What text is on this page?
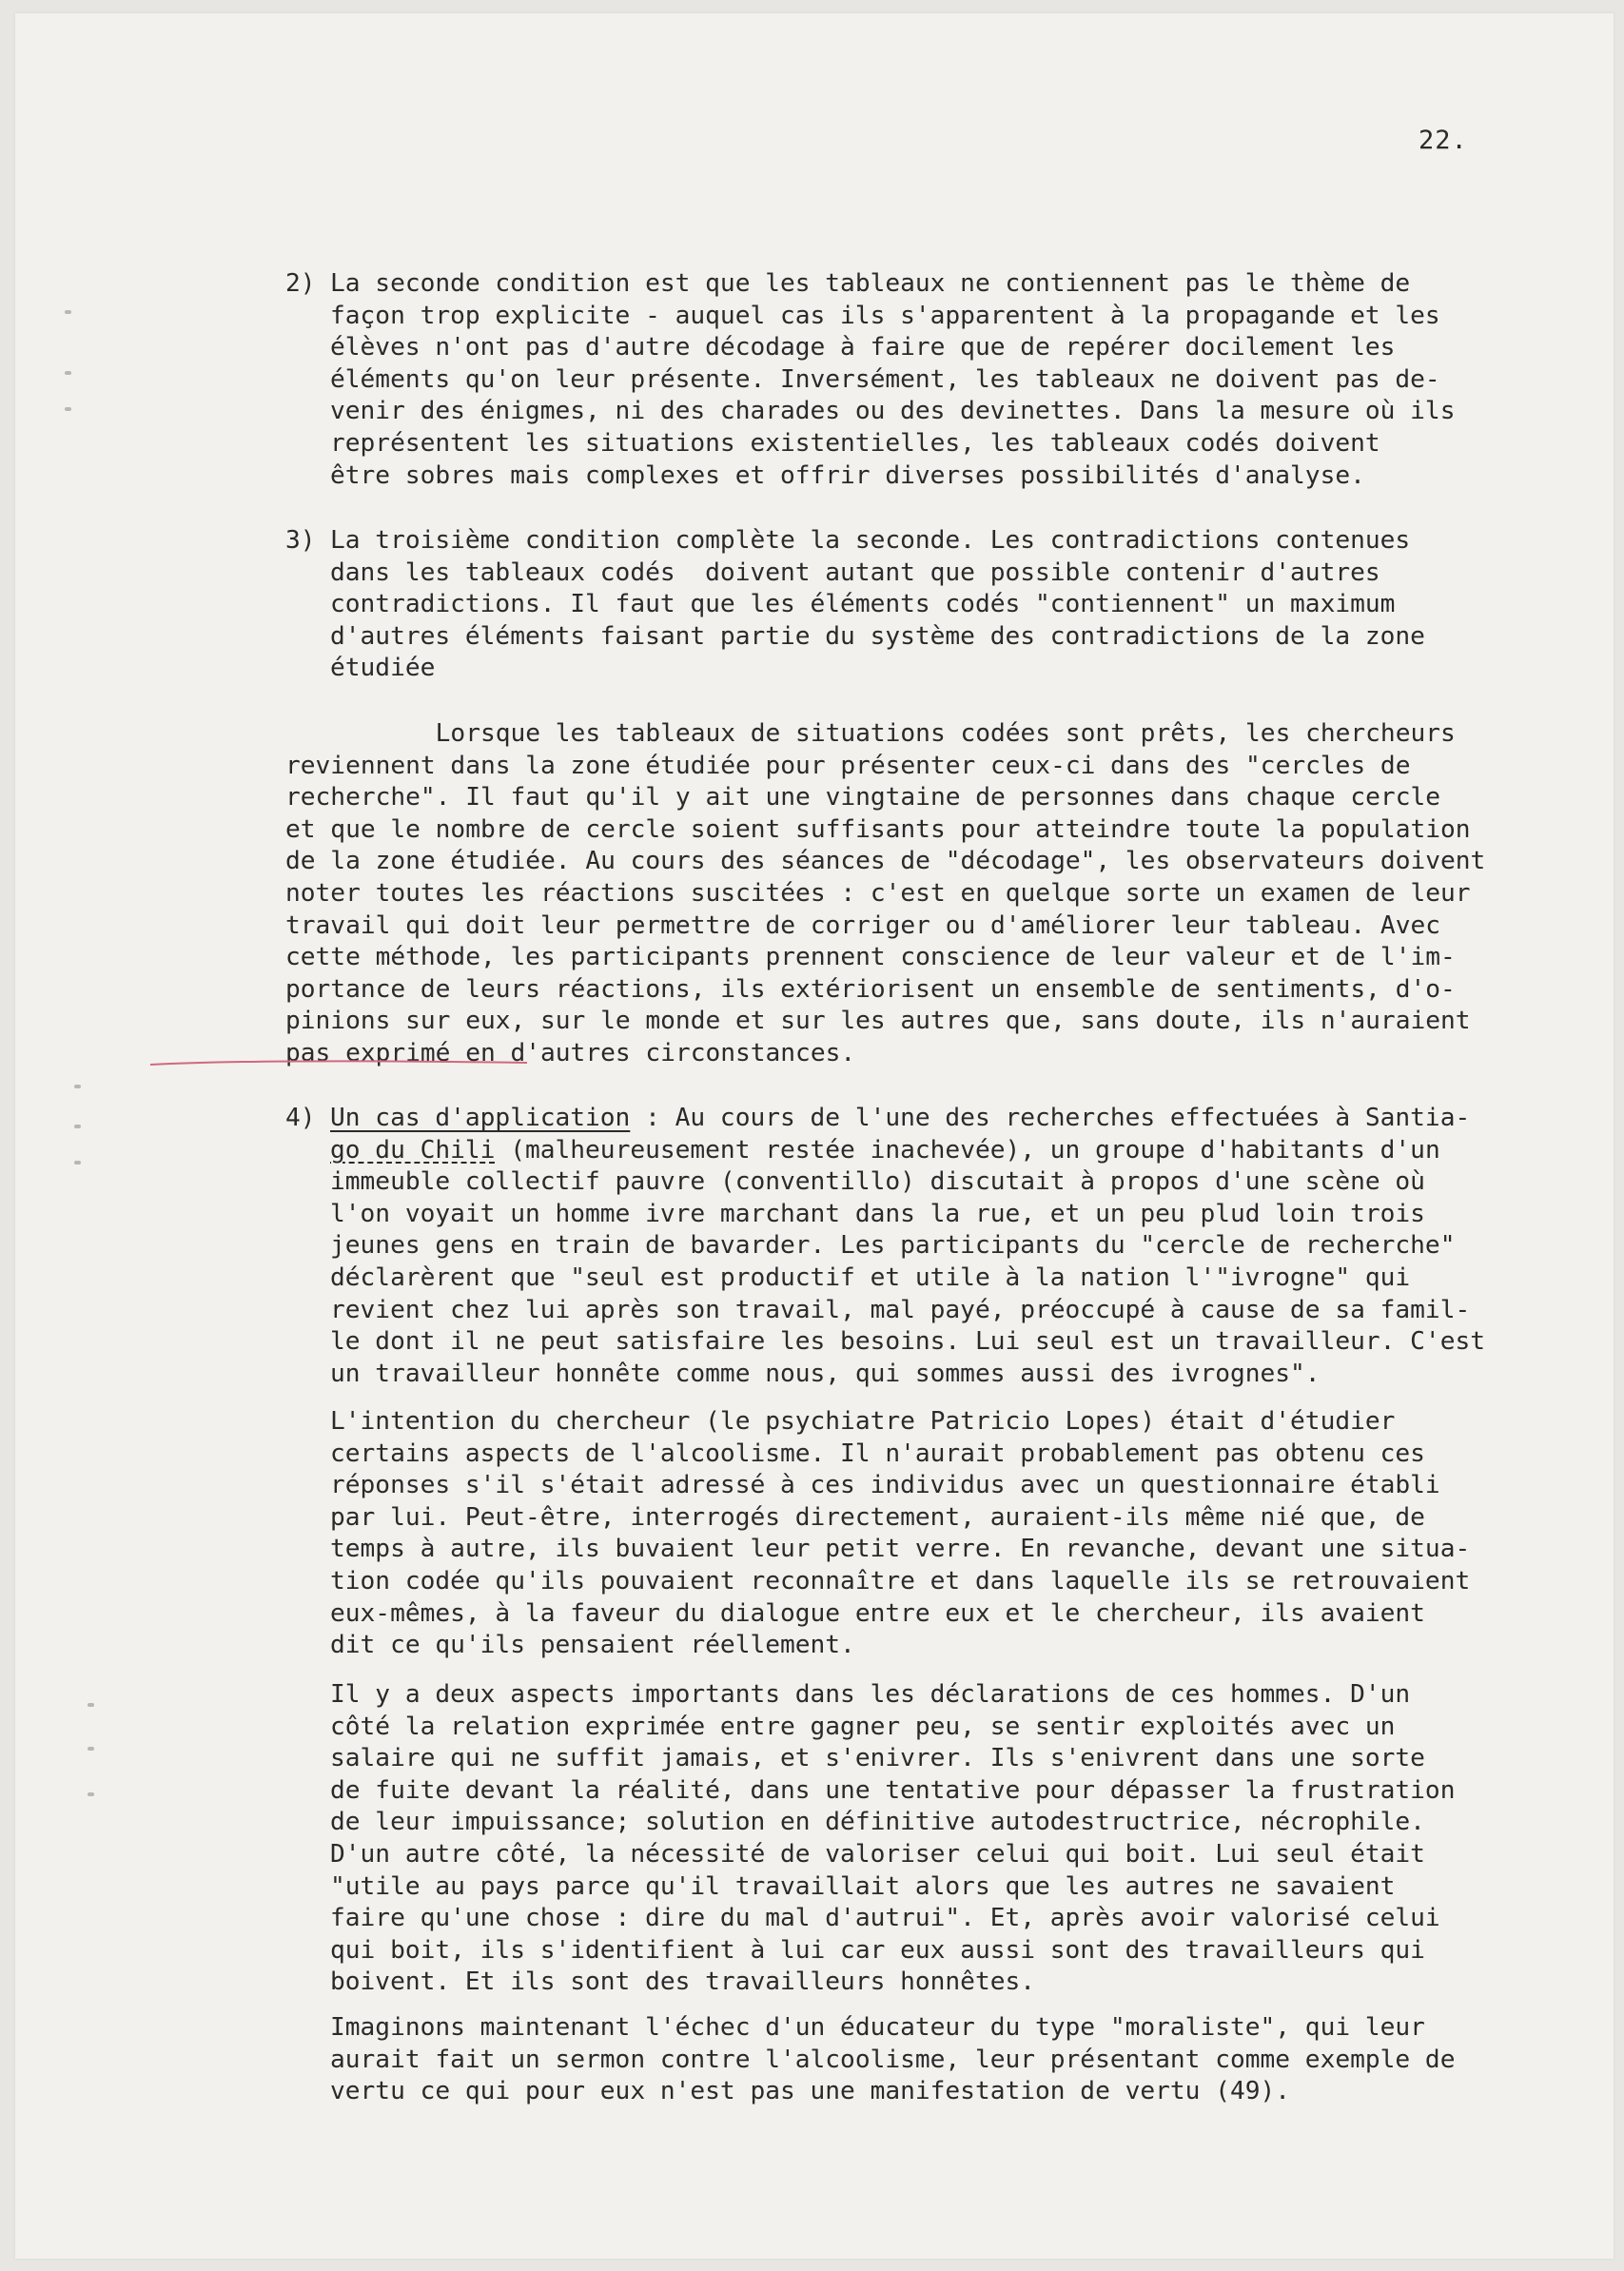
22.
2) La seconde condition est que les tableaux ne contiennent pas le thème de
façon trop explicite - auquel cas ils s'apparentent à la propagande et les
élèves n'ont pas d'autre décodage à faire que de repérer docilement les
éléments qu'on leur présente. Inversément, les tableaux ne doivent pas de-
venir des énigmes, ni des charades ou des devinettes. Dans la mesure où ils
représentent les situations existentielles, les tableaux codés doivent
être sobres mais complexes et offrir diverses possibilités d'analyse.
3) La troisième condition complète la seconde. Les contradictions contenues
dans les tableaux codés  doivent autant que possible contenir d'autres
contradictions. Il faut que les éléments codés "contiennent" un maximum
d'autres éléments faisant partie du système des contradictions de la zone
étudiée
Lorsque les tableaux de situations codées sont prêts, les chercheurs
reviennent dans la zone étudiée pour présenter ceux-ci dans des "cercles de
recherche". Il faut qu'il y ait une vingtaine de personnes dans chaque cercle
et que le nombre de cercle soient suffisants pour atteindre toute la population
de la zone étudiée. Au cours des séances de "décodage", les observateurs doivent
noter toutes les réactions suscitées : c'est en quelque sorte un examen de leur
travail qui doit leur permettre de corriger ou d'améliorer leur tableau. Avec
cette méthode, les participants prennent conscience de leur valeur et de l'im-
portance de leurs réactions, ils extériorisent un ensemble de sentiments, d'o-
pinions sur eux, sur le monde et sur les autres que, sans doute, ils n'auraient
pas exprimé en d'autres circonstances.
4) Un cas d'application : Au cours de l'une des recherches effectuées à Santia-
go du Chili (malheureusement restée inachevée), un groupe d'habitants d'un
immeuble collectif pauvre (conventillo) discutait à propos d'une scène où
l'on voyait un homme ivre marchant dans la rue, et un peu plud loin trois
jeunes gens en train de bavarder. Les participants du "cercle de recherche"
déclarèrent que "seul est productif et utile à la nation l'"ivrogne" qui
revient chez lui après son travail, mal payé, préoccupé à cause de sa famil-
le dont il ne peut satisfaire les besoins. Lui seul est un travailleur. C'est
un travailleur honnête comme nous, qui sommes aussi des ivrognes".
L'intention du chercheur (le psychiatre Patricio Lopes) était d'étudier
certains aspects de l'alcoolisme. Il n'aurait probablement pas obtenu ces
réponses s'il s'était adressé à ces individus avec un questionnaire établi
par lui. Peut-être, interrogés directement, auraient-ils même nié que, de
temps à autre, ils buvaient leur petit verre. En revanche, devant une situa-
tion codée qu'ils pouvaient reconnaître et dans laquelle ils se retrouvaient
eux-mêmes, à la faveur du dialogue entre eux et le chercheur, ils avaient
dit ce qu'ils pensaient réellement.
Il y a deux aspects importants dans les déclarations de ces hommes. D'un
côté la relation exprimée entre gagner peu, se sentir exploités avec un
salaire qui ne suffit jamais, et s'enivrer. Ils s'enivrent dans une sorte
de fuite devant la réalité, dans une tentative pour dépasser la frustration
de leur impuissance; solution en définitive autodestructrice, nécrophile.
D'un autre côté, la nécessité de valoriser celui qui boit. Lui seul était
"utile au pays parce qu'il travaillait alors que les autres ne savaient
faire qu'une chose : dire du mal d'autrui". Et, après avoir valorisé celui
qui boit, ils s'identifient à lui car eux aussi sont des travailleurs qui
boivent. Et ils sont des travailleurs honnêtes.
Imaginons maintenant l'échec d'un éducateur du type "moraliste", qui leur
aurait fait un sermon contre l'alcoolisme, leur présentant comme exemple de
vertu ce qui pour eux n'est pas une manifestation de vertu (49).
